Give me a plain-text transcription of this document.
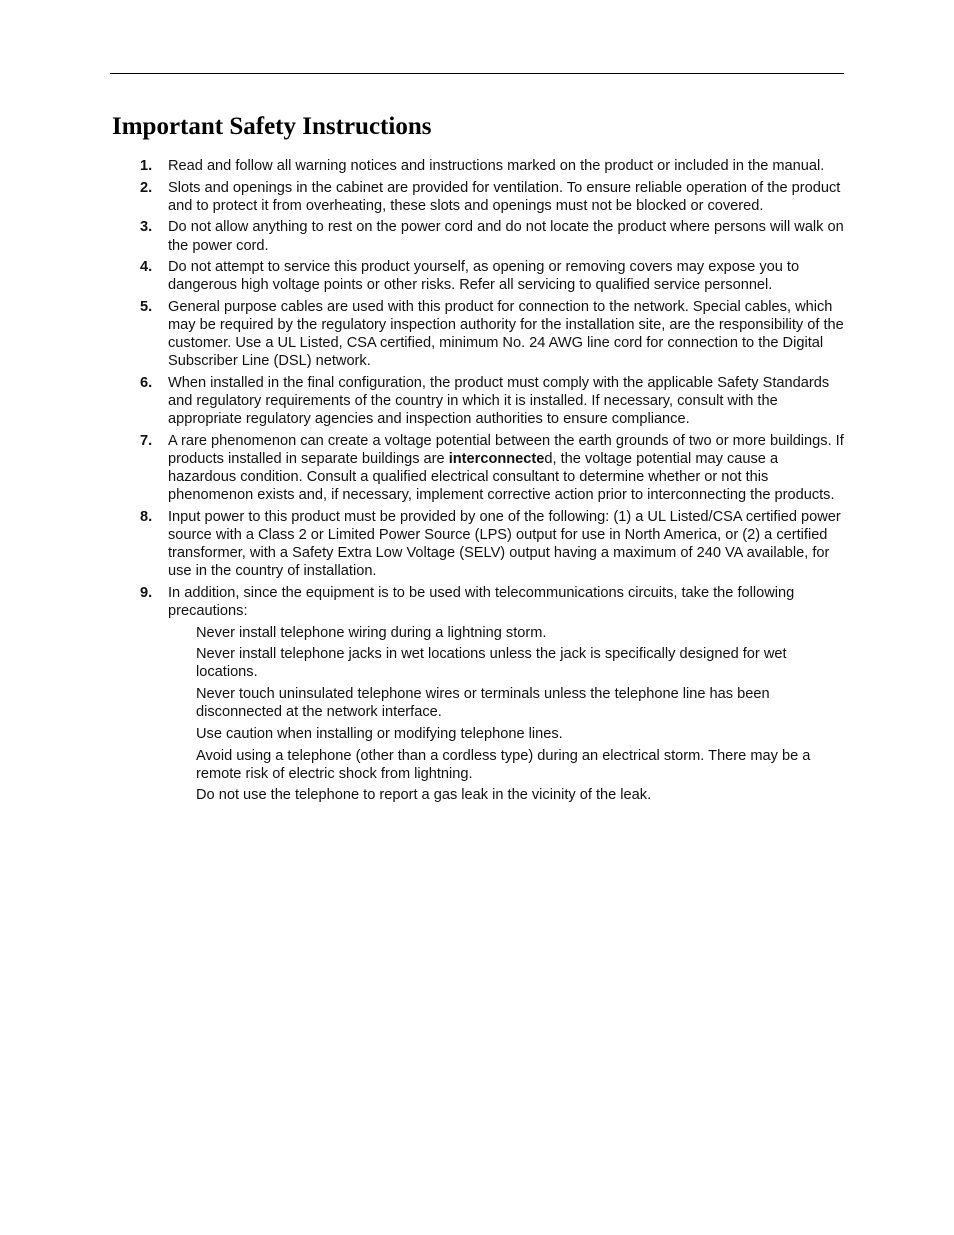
Important Safety Instructions
1. Read and follow all warning notices and instructions marked on the product or included in the manual.
2. Slots and openings in the cabinet are provided for ventilation. To ensure reliable operation of the product and to protect it from overheating, these slots and openings must not be blocked or covered.
3. Do not allow anything to rest on the power cord and do not locate the product where persons will walk on the power cord.
4. Do not attempt to service this product yourself, as opening or removing covers may expose you to dangerous high voltage points or other risks. Refer all servicing to qualified service personnel.
5. General purpose cables are used with this product for connection to the network. Special cables, which may be required by the regulatory inspection authority for the installation site, are the responsibility of the customer. Use a UL Listed, CSA certified, minimum No. 24 AWG line cord for connection to the Digital Subscriber Line (DSL) network.
6. When installed in the final configuration, the product must comply with the applicable Safety Standards and regulatory requirements of the country in which it is installed. If necessary, consult with the appropriate regulatory agencies and inspection authorities to ensure compliance.
7. A rare phenomenon can create a voltage potential between the earth grounds of two or more buildings. If products installed in separate buildings are interconnected, the voltage potential may cause a hazardous condition. Consult a qualified electrical consultant to determine whether or not this phenomenon exists and, if necessary, implement corrective action prior to interconnecting the products.
8. Input power to this product must be provided by one of the following: (1) a UL Listed/CSA certified power source with a Class 2 or Limited Power Source (LPS) output for use in North America, or (2) a certified transformer, with a Safety Extra Low Voltage (SELV) output having a maximum of 240 VA available, for use in the country of installation.
9. In addition, since the equipment is to be used with telecommunications circuits, take the following precautions:
Never install telephone wiring during a lightning storm.
Never install telephone jacks in wet locations unless the jack is specifically designed for wet locations.
Never touch uninsulated telephone wires or terminals unless the telephone line has been disconnected at the network interface.
Use caution when installing or modifying telephone lines.
Avoid using a telephone (other than a cordless type) during an electrical storm. There may be a remote risk of electric shock from lightning.
Do not use the telephone to report a gas leak in the vicinity of the leak.
